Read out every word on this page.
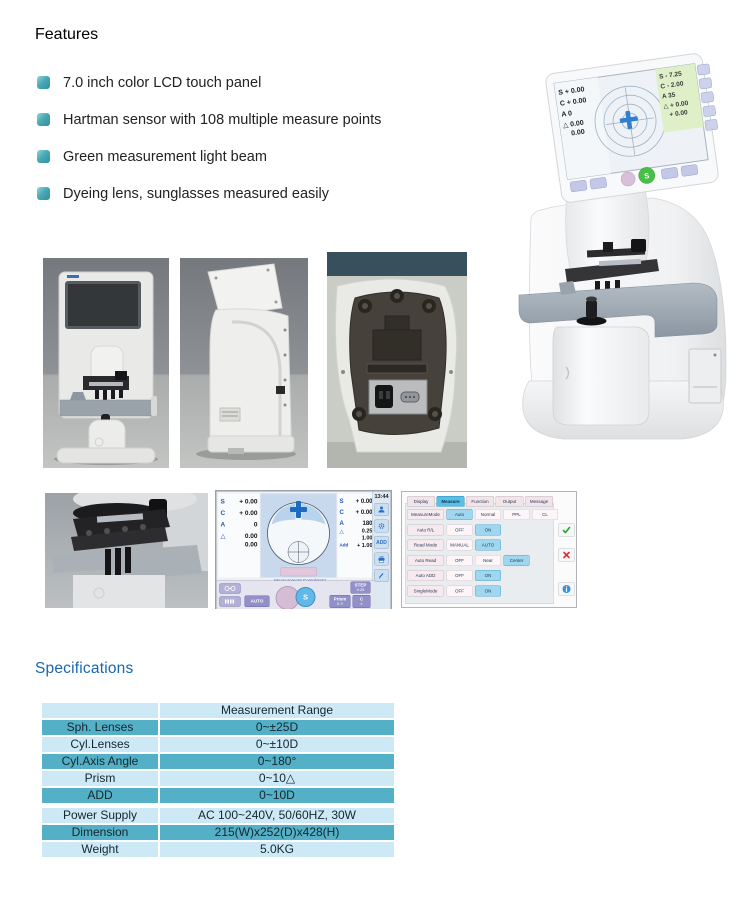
Features
7.0 inch color LCD touch panel
Hartman sensor with 108 multiple measure points
Green measurement light beam
Dyeing lens, sunglasses measured easily
S + 0.00
C + 0.00
A 0
△ 0.00
0.00
S - 7.25
C - 2.00
A 35
△ + 0.00
+ 0.00
S
S + 0.00
C + 0.00
A 0
△ 0.00
0.00
S + 0.00
C + 0.00
A 180
△ 0.25
1.00
Add + 1.00
13:44
ADD
AUTO	S	Prism
X-Y
C
±
STEP
0.25
Display	Measure	Function	Output	Message
MeasureMode	Auto	Normal	PPL	CL
Auto R/L	OFF	ON
Read Mode	MANUAL	AUTO
Auto Read	OFF	Near	Center
Auto ADD	OFF	ON
SingleMode	OFF	ON
Specifications
Measurement Range
Sph. Lenses	0~±25D
Cyl.Lenses	0~±10D
Cyl.Axis Angle	0~180°
Prism	0~10△
ADD	0~10D
Power Supply	AC 100~240V, 50/60HZ, 30W
Dimension	215(W)x252(D)x428(H)
Weight	5.0KG
